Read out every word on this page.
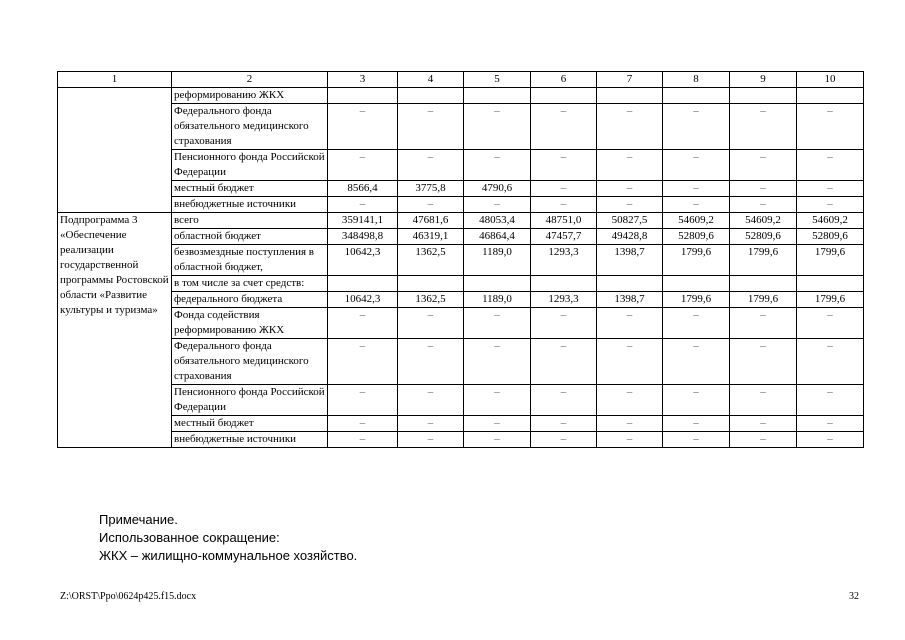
1	2	3	4	5	6	7	8	9	10
	реформированию ЖКХ								
	Федерального фонда обязательного медицинского страхования	–	–	–	–	–	–	–	–
	Пенсионного фонда Российской Федерации	–	–	–	–	–	–	–	–
	местный бюджет	8566,4	3775,8	4790,6	–	–	–	–	–
	внебюджетные источники	–	–	–	–	–	–	–	–
Подпрограмма 3 «Обеспечение реализации государственной программы Ростовской области «Развитие культуры и туризма»	всего	359141,1	47681,6	48053,4	48751,0	50827,5	54609,2	54609,2	54609,2
	областной бюджет	348498,8	46319,1	46864,4	47457,7	49428,8	52809,6	52809,6	52809,6
	безвозмездные поступления в областной бюджет,	10642,3	1362,5	1189,0	1293,3	1398,7	1799,6	1799,6	1799,6
	в том числе за счет средств:								
	федерального бюджета	10642,3	1362,5	1189,0	1293,3	1398,7	1799,6	1799,6	1799,6
	Фонда содействия реформированию ЖКХ	–	–	–	–	–	–	–	–
	Федерального фонда обязательного медицинского страхования	–	–	–	–	–	–	–	–
	Пенсионного фонда Российской Федерации	–	–	–	–	–	–	–	–
	местный бюджет	–	–	–	–	–	–	–	–
	внебюджетные источники	–	–	–	–	–	–	–	–
Примечание.
Использованное сокращение:
ЖКХ – жилищно-коммунальное хозяйство.
Z:\ORST\Ppo\0624p425.f15.docx	32
